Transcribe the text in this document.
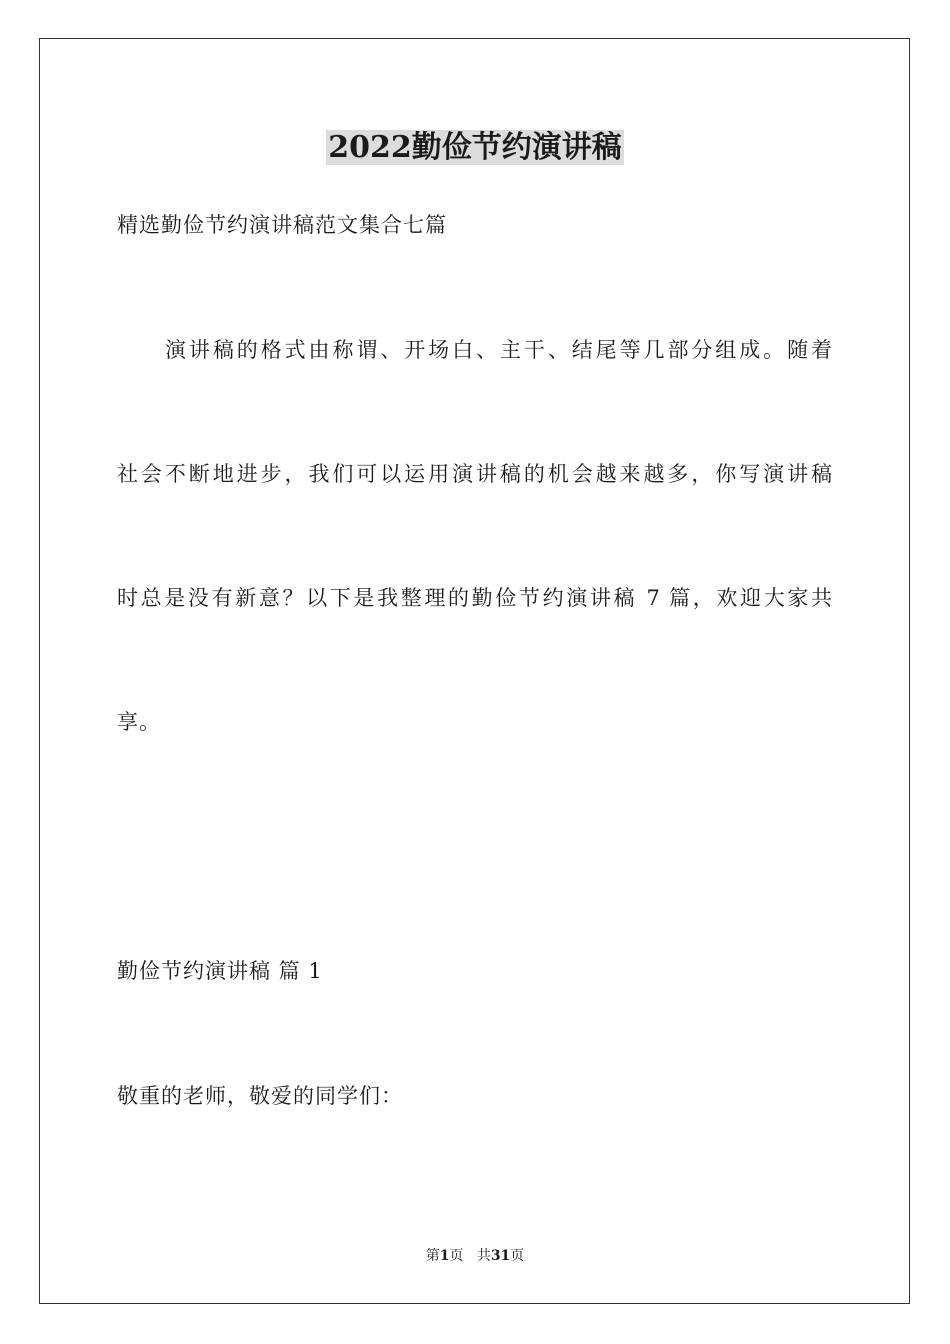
2022勤俭节约演讲稿
精选勤俭节约演讲稿范文集合七篇
演讲稿的格式由称谓、开场白、主干、结尾等几部分组成。随着
社会不断地进步，我们可以运用演讲稿的机会越来越多，你写演讲稿
时总是没有新意？以下是我整理的勤俭节约演讲稿 7 篇，欢迎大家共
享。
勤俭节约演讲稿 篇 1
敬重的老师，敬爱的同学们：
第1页 共31页
